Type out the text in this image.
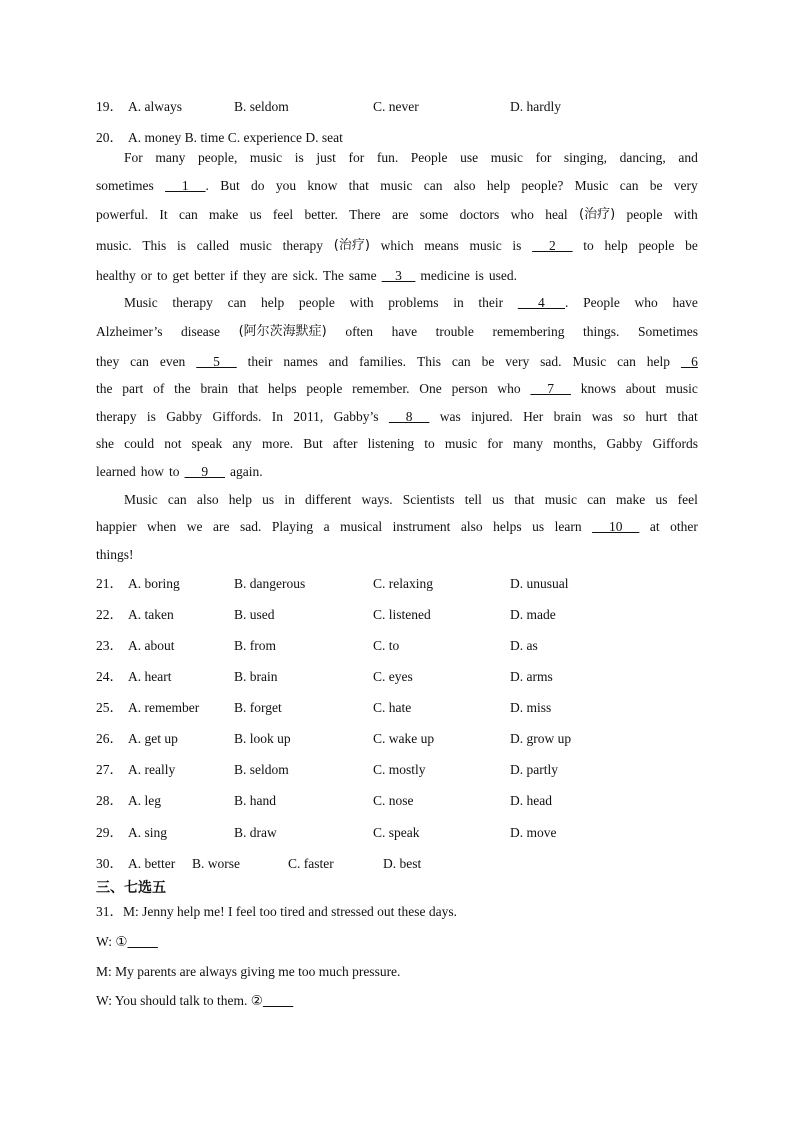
19． A. always	B. seldom	C. never	D. hardly
20． A. money B. time C. experience D. seat
For many people, music is just for fun. People use music for singing, dancing, and
sometimes 1     . But do you know that music can also help people? Music can be very
powerful. It can make us feel better. There are some doctors who heal (治疗) people with
music. This is called music therapy (治疗) which means music is 2 to help people be
healthy or to get better if they are sick. The same 3 medicine is used.
Music therapy can help people with problems in their 4      . People who have
Alzheimer’s disease (阿尔茨海默症) often have trouble remembering things. Sometimes
they can even 5 their names and families. This can be very sad. Music can help 6
the part of the brain that helps people remember. One person who 7 knows about music
therapy is Gabby Giffords. In 2011, Gabby’s 8 was injured. Her brain was so hurt that
she could not speak any more. But after listening to music for many months, Gabby Giffords
learned how to 9 again.
Music can also help us in different ways. Scientists tell us that music can make us feel
happier when we are sad. Playing a musical instrument also helps us learn 10 at other
things!
21． A. boring	B. dangerous	C. relaxing	D. unusual
22． A. taken	B. used	C. listened	D. made
23． A. about	B. from	C. to	D. as
24． A. heart	B. brain	C. eyes	D. arms
25． A. remember	B. forget	C. hate	D. miss
26． A. get up	B. look up	C. wake up	D. grow up
27． A. really	B. seldom	C. mostly	D. partly
28． A. leg	B. hand	C. nose	D. head
29． A. sing	B. draw	C. speak	D. move
30． A. better B. worse	C. faster	D. best
三、七选五
31．M: Jenny help me! I feel too tired and stressed out these days.
W: ①
M: My parents are always giving me too much pressure.
W: You should talk to them. ②
